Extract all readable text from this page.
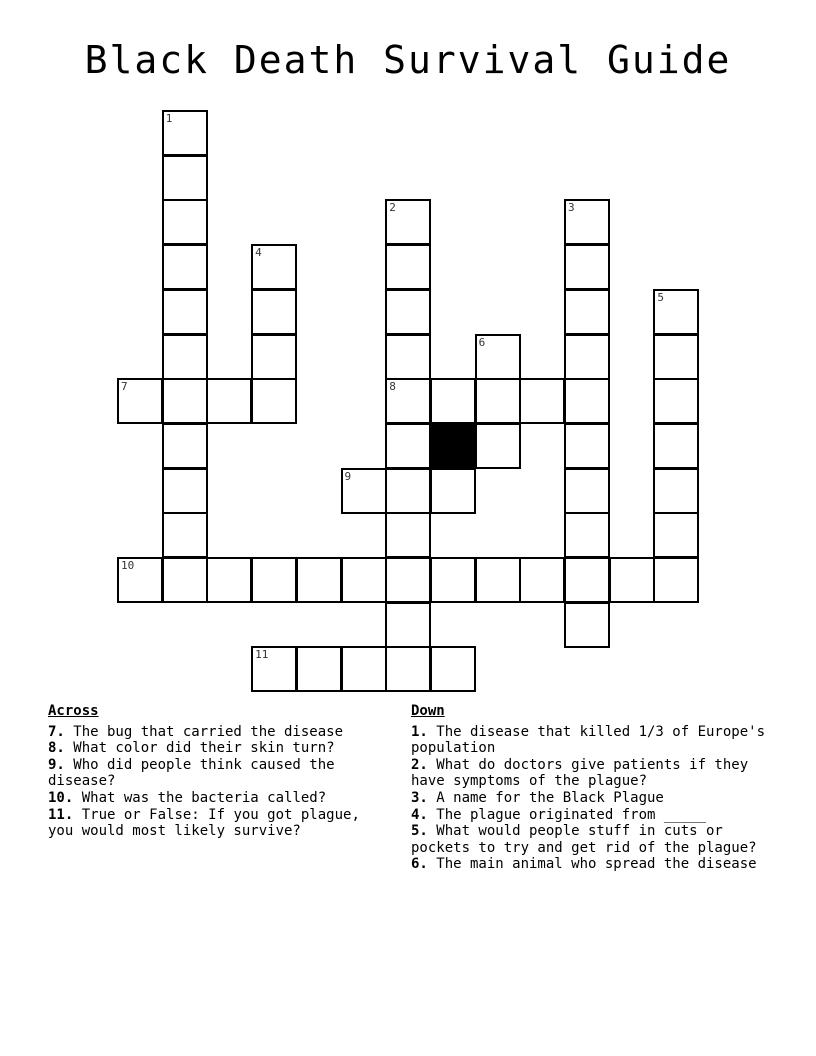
Black Death Survival Guide
1
2
8
3
4
5
6
7
9
10
11
Across
7. The bug that carried the disease
8. What color did their skin turn?
9. Who did people think caused the disease?
10. What was the bacteria called?
11. True or False: If you got plague, you would most likely survive?
Down
1. The disease that killed 1/3 of Europe's population
2. What do doctors give patients if they have symptoms of the plague?
3. A name for the Black Plague
4. The plague originated from _____
5. What would people stuff in cuts or pockets to try and get rid of the plague?
6. The main animal who spread the disease
